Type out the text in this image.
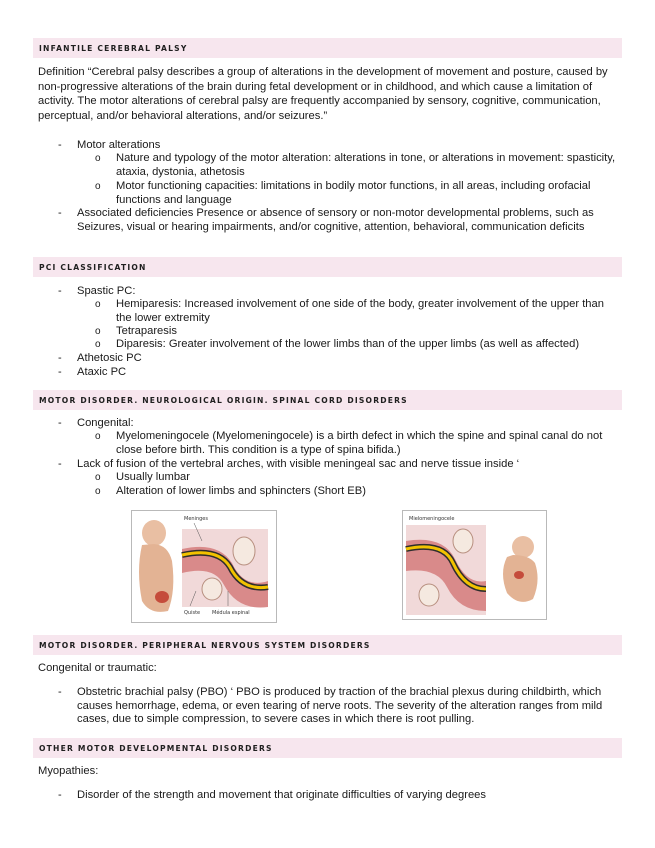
INFANTILE CEREBRAL PALSY

Definition “Cerebral palsy describes a group of alterations in the development of movement and posture, caused by non-progressive alterations of the brain during fetal development or in childhood, and which cause a limitation of activity. The motor alterations of cerebral palsy are frequently accompanied by sensory, cognitive, communication, perceptual, and/or behavioral alterations, and/or seizures.”

- Motor alterations

o Nature and typology of the motor alteration: alterations in tone, or alterations in movement: spasticity, ataxia, dystonia, athetosis

o Motor functioning capacities: limitations in bodily motor functions, in all areas, including orofacial functions and language

- Associated deficiencies Presence or absence of sensory or non-motor developmental problems, such as Seizures, visual or hearing impairments, and/or cognitive, attention, behavioral, communication deficits

PCI CLASSIFICATION
- Spastic PC:

o Hemiparesis: Increased involvement of one side of the body, greater involvement of the upper than the lower extremity

o Tetraparesis

o Diparesis: Greater involvement of the lower limbs than of the upper limbs (as well as affected)

- Athetosic PC

- Ataxic PC

MOTOR DISORDER. NEUROLOGICAL ORIGIN. SPINAL CORD DISORDERS
- Congenital:

o Myelomeningocele (Myelomeningocele) is a birth defect in which the spine and spinal canal do not close before birth. This condition is a type of spina bifida.)

- Lack of fusion of the vertebral arches, with visible meningeal sac and nerve tissue inside ‘

o Usually lumbar

o Alteration of lower limbs and sphincters (Short EB)

Meninges
Quiste Médula espinal
Mielomeningocele
MOTOR DISORDER. PERIPHERAL NERVOUS SYSTEM DISORDERS

Congenital or traumatic:

- Obstetric brachial palsy (PBO) ‘ PBO is produced by traction of the brachial plexus during childbirth, which causes hemorrhage, edema, or even tearing of nerve roots. The severity of the alteration ranges from mild cases, due to simple compression, to severe cases in which there is root pulling.

OTHER MOTOR DEVELOPMENTAL DISORDERS

Myopathies:

- Disorder of the strength and movement that originate difficulties of varying degrees
